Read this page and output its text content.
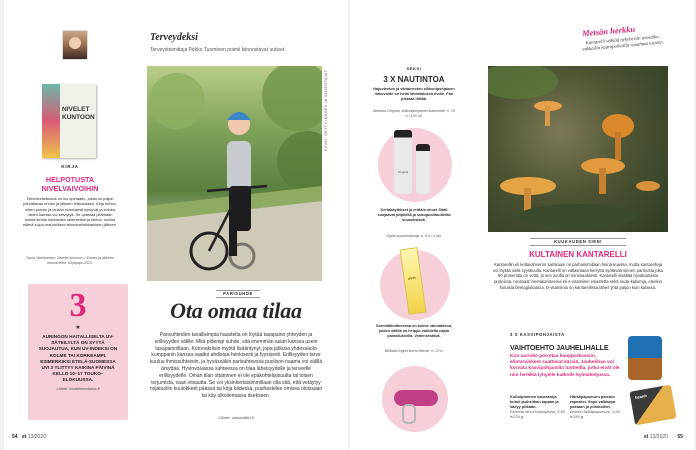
Terveydeksi
Terveystoimittaja Pirkko Tuominen poimii kiinnostavat uutiset.
NIVELET
KUNTOON
KIRJA
HELPOTUSTA
NIVELVAIVOIHIN
Tekonivelleikkaus on iso operaatio, jossa on paljon pohdittavaa ennen ja jälkeen leikkauksen. Kirja kertoo, miten polven ja lonkan nivelvaivat syntyvät ja kuinka niiden kanssa voi selviytyä. Se opastaa pitämään huolta kehon kantavista rakenteista ja kertoo, kuinka elämä sujuu mahdollisen tekonivelleikkauksen jälkeen.
Tuula Vainikainen: Nivelet kuntoon – Ennen ja jälkeen tekonivelen. Kirjapaja 2020.
3
★
AURINGON HAITALLISELTA UV-SÄTEILYLTÄ ON SYYTÄ SUOJAUTUA, KUN UV-INDEKSI ON KOLME TAI KORKEAMPI. ESIMERKIKSI ETELÄ-SUOMESSA UVI 3 YLITTYY KAIKINA PÄIVINÄ KELLO 10–17 TOUKO–ELOKUUSSA.
Lähde: Ilmatieteenlaitos.fi
KUVAT: GETTY IMAGES JA VALMISTAJAT
PARISUHDE
Ota omaa tilaa
Parisuhteiden tavallisimpia haasteita on löytää tasapaino yhteyden ja erillisyyden välille. Mitä pidempi suhde, sitä enemmän asian kanssa usein tasapainoillaan. Koronakriisin myötä lisääntynyt, jopa jatkuva yhdessäolo kumppanin kanssa saattoi ahdistaa henkisesti ja fyysisesti. Erillisyyden tarve kuuluu ihmissuhteisiin, ja hyvässäkin parisuhteessa puolison naama voi välillä ärsyttää. Hyvinvoivassa suhteessa on tilaa läheisyydelle ja terveelle erillisyydelle. Oman tilan ottaminen ei ole epäkohteliaisuutta tai toisen torjumista, vaan viisautta. Se voi yksinkertaisimmillaan olla sitä, että vetäytyy nojatuoliin kuulokkeet päässä tai kirja kädessä, puuhastelee omissa oloissaan tai käy ulkoilemassa itsekseen.
Lähde: vaestoliitto.fi
54 et 13/2020
SEKSI
3 X NAUTINTOA
Hajusteeton ja väriaineeton silikonipohjainen liukuvoide on hellä intiimialueen iholle. Pari pisaraa riittää.
Bellodot Original, silikonipohjainen liukuvoide, n. 15 e / 100 ml.
Original
Kertakäyttöiset ja erittäin ohuet Sitali suojaavat pitpöllilä ja sukupuolitaudeilta suuseksissä.
Glyde suuseksisuoja, n. 9 e / 4 kpl.
glyde
Sormiläihottimessa on kolme värinätasoa, joiden välillä on helppo vaihdella napin painalluksella. Vedenkestävä.
Bellodot Ingrid sormi-hieroin, n. 23 e.
Metsän herkku
Kantarelli vähtää nykyheräti asosatko, vakkailla kaaropolkuilla ruoahtaa tuiseen.
KUUKAUDEN SIENI
KULTAINEN KANTARELLI
Kantarellin eli keltavahveron satokausi on parhaimmillaan heinä-kuussa, mutta kantarelleja voi löytää vielä syyskuulla. Kantarelli on vallasmaan kerryttä syötävää sienen parmusta joka 90 prosenttia on vettä, ja sen avulla on minimaalisesti. Kantarelli sisältää hyvälaatuista proteiinia, runsaasti beetakaroteenia eli A-vitamiinin esiastetta sekä rauta-kaliumja, eteekin kuluista beetaglukaania. D-vitamiinia on kantarellissa lähes yhtä paljon kuin kalassa.
3 X KASVIPOHJAISTA
VAIHTOEHTO JAUHELIHALLE
Kun aurinko porottaa kaupparkassiin, elintarvikkeet saattavat kärsiä. Jauhelihan voi korvata kasvipohjaisilla tuotteilla, jotka eivät ole niin herkkiä lyhyelle katkolle kylmäketjussa.
Kuituipitoinen kaurasoija toimii jauhelihan tapaan ja säilyy pitkään.
Elovena Muru Kaurajauho, 3,40 e/220 g.
Härkäpapumuru paistuu rapeaksi. Sopii valkkapa pastaan ja piirakoihin.
Beanit Härkäpapumuru, 3,60 e/250 g.
beanit
et 13/2020 55
